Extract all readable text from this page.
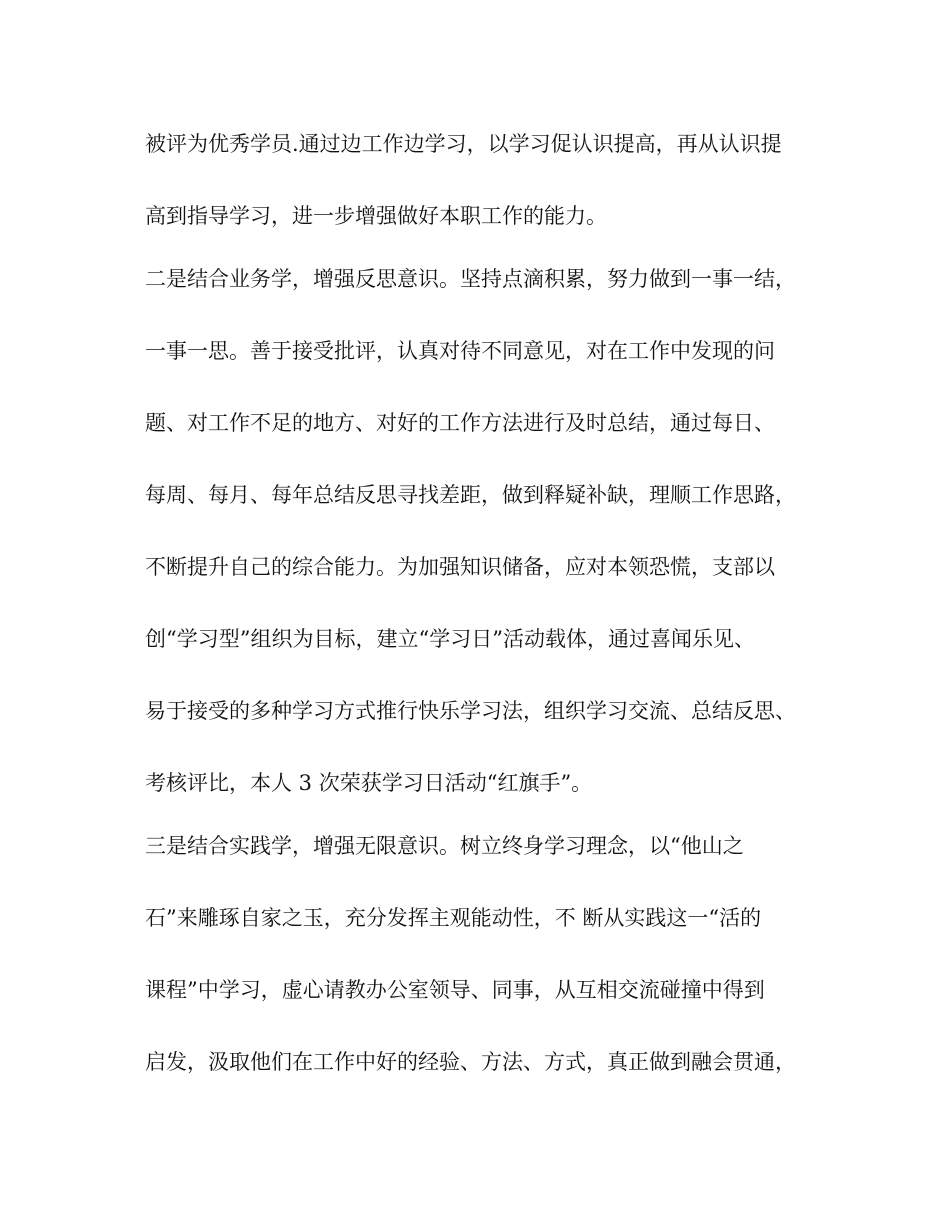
被评为优秀学员.通过边工作边学习，以学习促认识提高，再从认识提
高到指导学习，进一步增强做好本职工作的能力。
二是结合业务学，增强反思意识。坚持点滴积累，努力做到一事一结，
一事一思。善于接受批评，认真对待不同意见，对在工作中发现的问
题、对工作不足的地方、对好的工作方法进行及时总结，通过每日、
每周、每月、每年总结反思寻找差距，做到释疑补缺，理顺工作思路，
不断提升自己的综合能力。为加强知识储备，应对本领恐慌，支部以
创“学习型”组织为目标，建立“学习日”活动载体，通过喜闻乐见、
易于接受的多种学习方式推行快乐学习法，组织学习交流、总结反思、
考核评比，本人 3 次荣获学习日活动“红旗手”。
三是结合实践学，增强无限意识。树立终身学习理念，以“他山之
石”来雕琢自家之玉，充分发挥主观能动性，不 断从实践这一“活的
课程”中学习，虚心请教办公室领导、同事，从互相交流碰撞中得到
启发，汲取他们在工作中好的经验、方法、方式，真正做到融会贯通，
